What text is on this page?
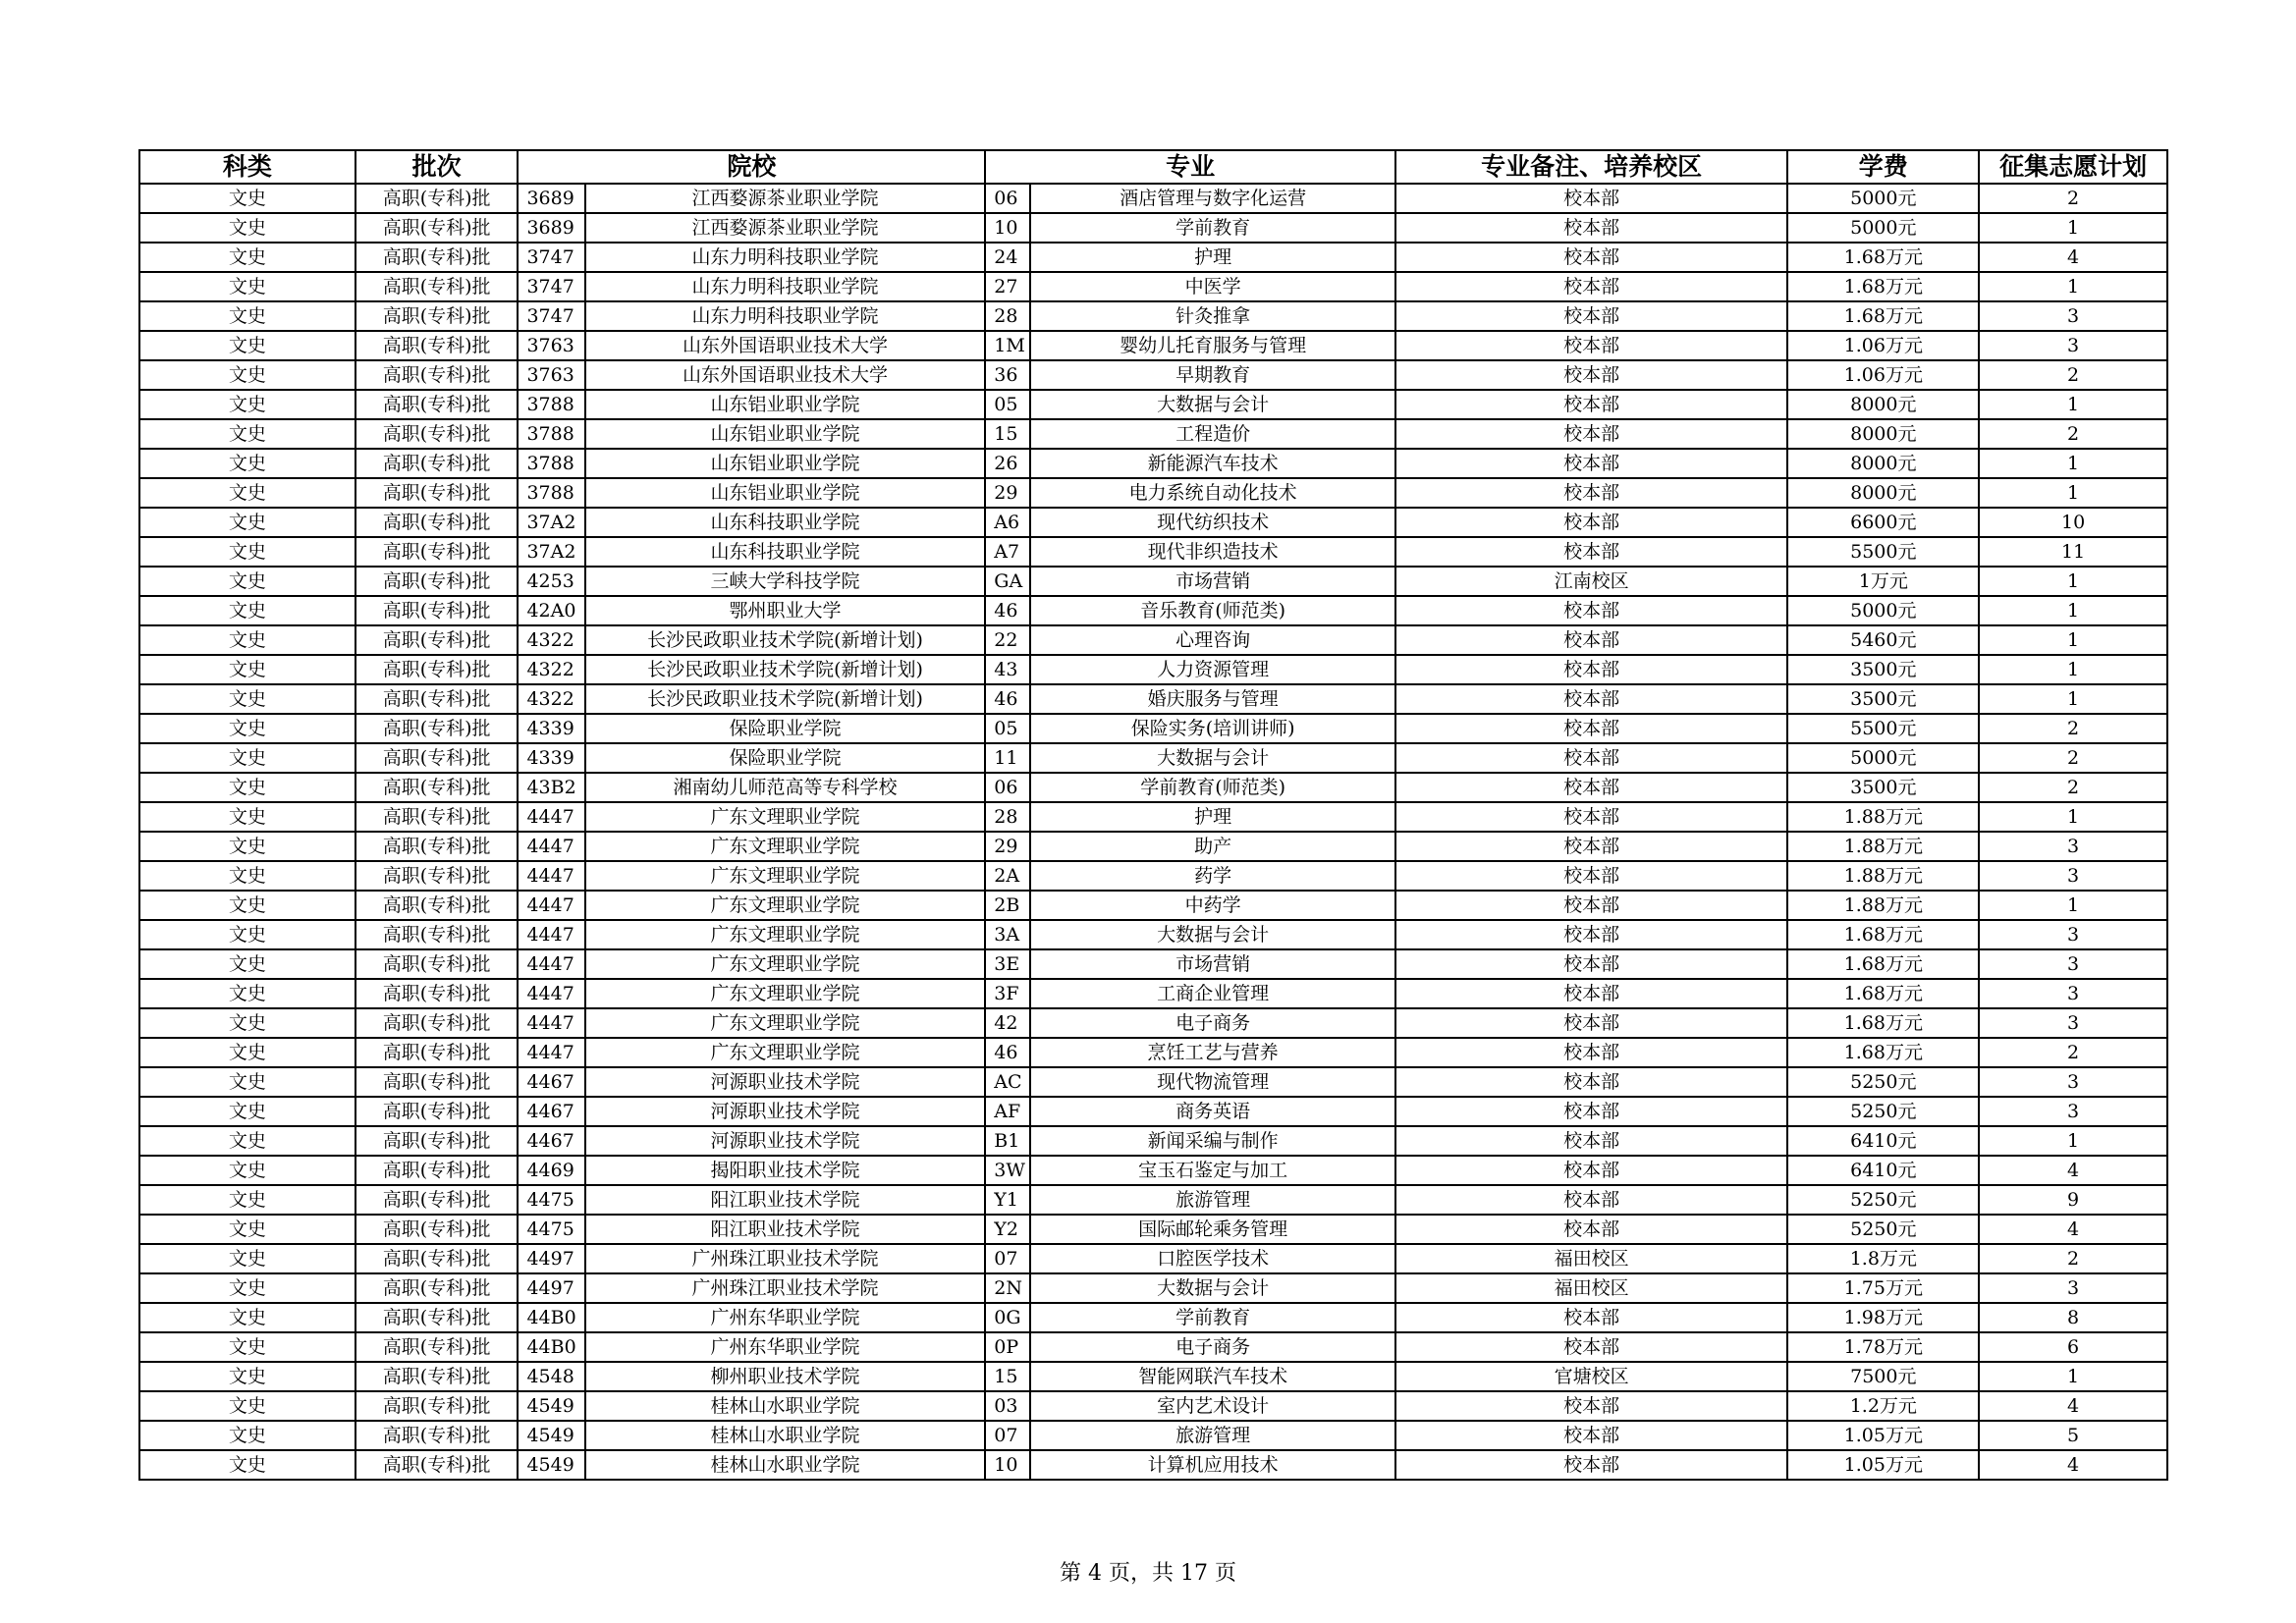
科类	批次	院校		专业		专业备注、培养校区	学费	征集志愿计划
文史	高职(专科)批	3689	江西婺源茶业职业学院	06	酒店管理与数字化运营	校本部	5000元	2
文史	高职(专科)批	3689	江西婺源茶业职业学院	10	学前教育	校本部	5000元	1
文史	高职(专科)批	3747	山东力明科技职业学院	24	护理	校本部	1.68万元	4
文史	高职(专科)批	3747	山东力明科技职业学院	27	中医学	校本部	1.68万元	1
文史	高职(专科)批	3747	山东力明科技职业学院	28	针灸推拿	校本部	1.68万元	3
文史	高职(专科)批	3763	山东外国语职业技术大学	1M	婴幼儿托育服务与管理	校本部	1.06万元	3
文史	高职(专科)批	3763	山东外国语职业技术大学	36	早期教育	校本部	1.06万元	2
文史	高职(专科)批	3788	山东铝业职业学院	05	大数据与会计	校本部	8000元	1
文史	高职(专科)批	3788	山东铝业职业学院	15	工程造价	校本部	8000元	2
文史	高职(专科)批	3788	山东铝业职业学院	26	新能源汽车技术	校本部	8000元	1
文史	高职(专科)批	3788	山东铝业职业学院	29	电力系统自动化技术	校本部	8000元	1
文史	高职(专科)批	37A2	山东科技职业学院	A6	现代纺织技术	校本部	6600元	10
文史	高职(专科)批	37A2	山东科技职业学院	A7	现代非织造技术	校本部	5500元	11
文史	高职(专科)批	4253	三峡大学科技学院	GA	市场营销	江南校区	1万元	1
文史	高职(专科)批	42A0	鄂州职业大学	46	音乐教育(师范类)	校本部	5000元	1
文史	高职(专科)批	4322	长沙民政职业技术学院(新增计划)	22	心理咨询	校本部	5460元	1
文史	高职(专科)批	4322	长沙民政职业技术学院(新增计划)	43	人力资源管理	校本部	3500元	1
文史	高职(专科)批	4322	长沙民政职业技术学院(新增计划)	46	婚庆服务与管理	校本部	3500元	1
文史	高职(专科)批	4339	保险职业学院	05	保险实务(培训讲师)	校本部	5500元	2
文史	高职(专科)批	4339	保险职业学院	11	大数据与会计	校本部	5000元	2
文史	高职(专科)批	43B2	湘南幼儿师范高等专科学校	06	学前教育(师范类)	校本部	3500元	2
文史	高职(专科)批	4447	广东文理职业学院	28	护理	校本部	1.88万元	1
文史	高职(专科)批	4447	广东文理职业学院	29	助产	校本部	1.88万元	3
文史	高职(专科)批	4447	广东文理职业学院	2A	药学	校本部	1.88万元	3
文史	高职(专科)批	4447	广东文理职业学院	2B	中药学	校本部	1.88万元	1
文史	高职(专科)批	4447	广东文理职业学院	3A	大数据与会计	校本部	1.68万元	3
文史	高职(专科)批	4447	广东文理职业学院	3E	市场营销	校本部	1.68万元	3
文史	高职(专科)批	4447	广东文理职业学院	3F	工商企业管理	校本部	1.68万元	3
文史	高职(专科)批	4447	广东文理职业学院	42	电子商务	校本部	1.68万元	3
文史	高职(专科)批	4447	广东文理职业学院	46	烹饪工艺与营养	校本部	1.68万元	2
文史	高职(专科)批	4467	河源职业技术学院	AC	现代物流管理	校本部	5250元	3
文史	高职(专科)批	4467	河源职业技术学院	AF	商务英语	校本部	5250元	3
文史	高职(专科)批	4467	河源职业技术学院	B1	新闻采编与制作	校本部	6410元	1
文史	高职(专科)批	4469	揭阳职业技术学院	3W	宝玉石鉴定与加工	校本部	6410元	4
文史	高职(专科)批	4475	阳江职业技术学院	Y1	旅游管理	校本部	5250元	9
文史	高职(专科)批	4475	阳江职业技术学院	Y2	国际邮轮乘务管理	校本部	5250元	4
文史	高职(专科)批	4497	广州珠江职业技术学院	07	口腔医学技术	福田校区	1.8万元	2
文史	高职(专科)批	4497	广州珠江职业技术学院	2N	大数据与会计	福田校区	1.75万元	3
文史	高职(专科)批	44B0	广州东华职业学院	0G	学前教育	校本部	1.98万元	8
文史	高职(专科)批	44B0	广州东华职业学院	0P	电子商务	校本部	1.78万元	6
文史	高职(专科)批	4548	柳州职业技术学院	15	智能网联汽车技术	官塘校区	7500元	1
文史	高职(专科)批	4549	桂林山水职业学院	03	室内艺术设计	校本部	1.2万元	4
文史	高职(专科)批	4549	桂林山水职业学院	07	旅游管理	校本部	1.05万元	5
文史	高职(专科)批	4549	桂林山水职业学院	10	计算机应用技术	校本部	1.05万元	4
第 4 页，共 17 页
